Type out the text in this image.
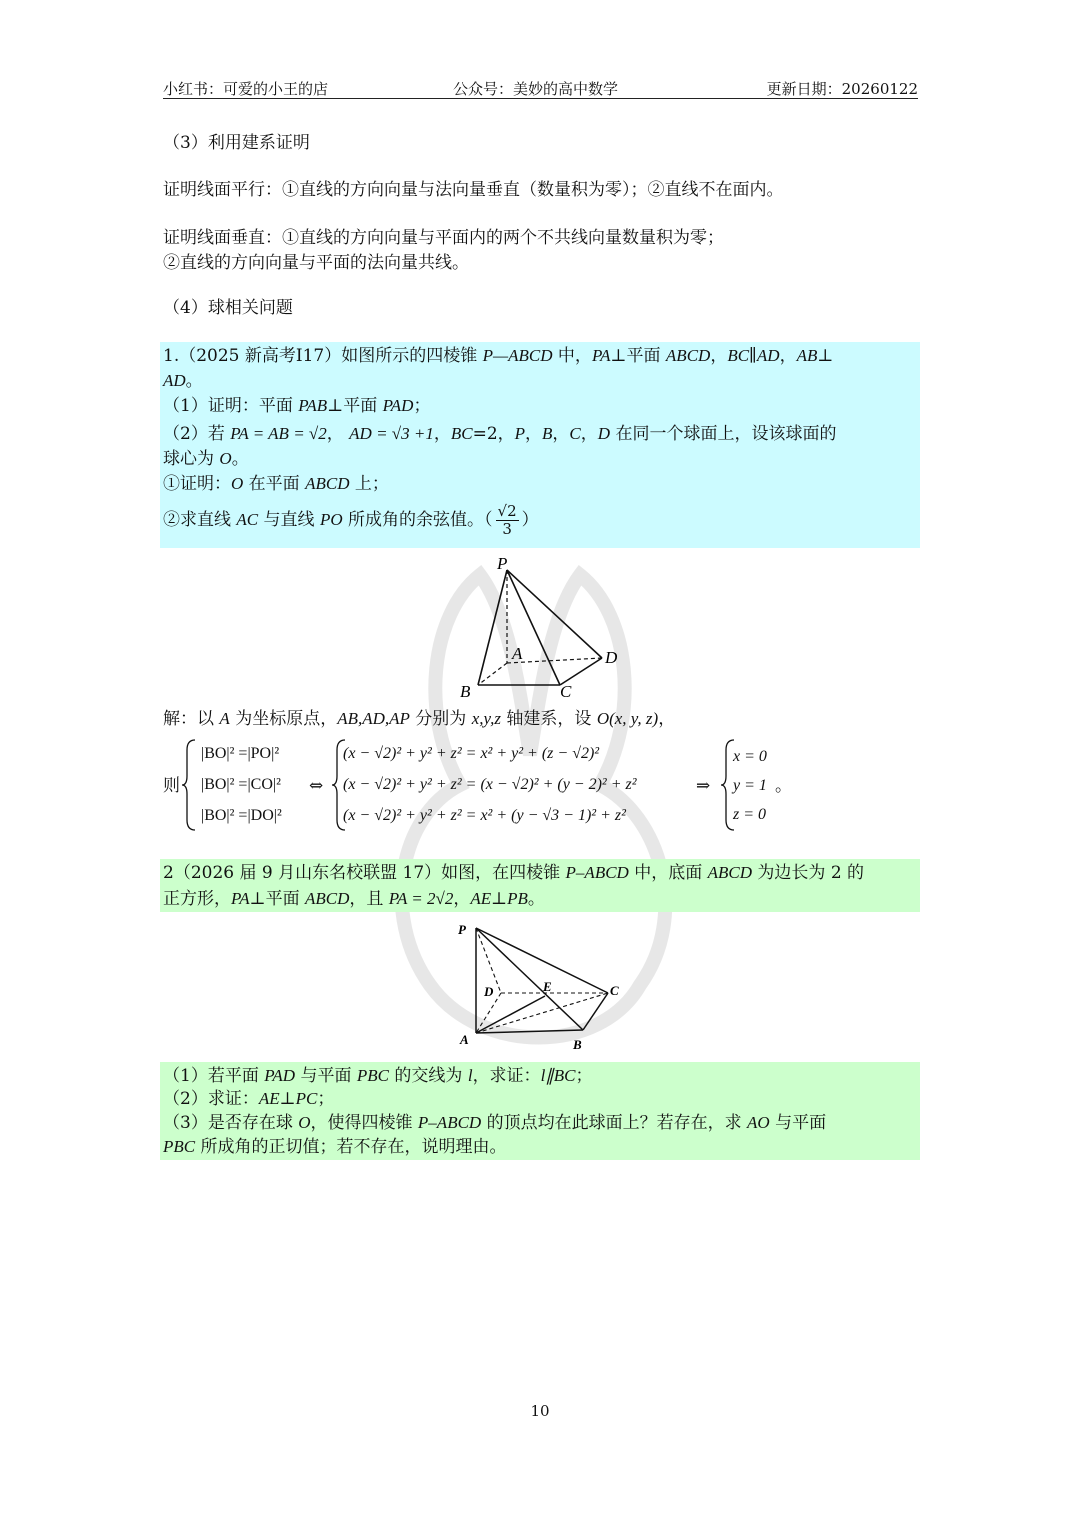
小红书：可爱的小王的店	公众号：美妙的高中数学	更新日期：20260122
（3）利用建系证明
证明线面平行：①直线的方向向量与法向量垂直（数量积为零）；②直线不在面内。
证明线面垂直：①直线的方向向量与平面内的两个不共线向量数量积为零；
②直线的方向向量与平面的法向量共线。
（4）球相关问题
1.（2025 新高考Ⅰ17）如图所示的四棱锥 P—ABCD 中，PA⊥平面 ABCD，BC∥AD，AB⊥
AD。
（1）证明：平面 PAB⊥平面 PAD；
（2）若 PA = AB = √2， AD = √3 +1，BC=2，P，B，C，D 在同一个球面上，设该球面的
球心为 O。
①证明：O 在平面 ABCD 上；
②求直线 AC 与直线 PO 所成角的余弦值。（ $\frac{√2}{3}$ ）
P
A
B	C
D
解：以 A 为坐标原点，AB,AD,AP 分别为 x,y,z 轴建系，设 O(x, y, z)，
则
|BO|² =|PO|²
|BO|² =|CO|²
|BO|² =|DO|²
⇔
(x − √2)² + y² + z² = x² + y² + (z − √2)²
(x − √2)² + y² + z² = (x − √2)² + (y − 2)² + z²
(x − √2)² + y² + z² = x² + (y − √3 − 1)² + z²
⇒
x = 0
y = 1
z = 0
。
2（2026 届 9 月山东名校联盟 17）如图，在四棱锥 P–ABCD 中，底面 ABCD 为边长为 2 的
正方形，PA⊥平面 ABCD，且 PA = 2√2，AE⊥PB。
P
D	E	C
A	B
（1）若平面 PAD 与平面 PBC 的交线为 l，求证：l∥BC；
（2）求证：AE⊥PC；
（3）是否存在球 O，使得四棱锥 P–ABCD 的顶点均在此球面上？若存在，求 AO 与平面
PBC 所成角的正切值；若不存在，说明理由。
10
